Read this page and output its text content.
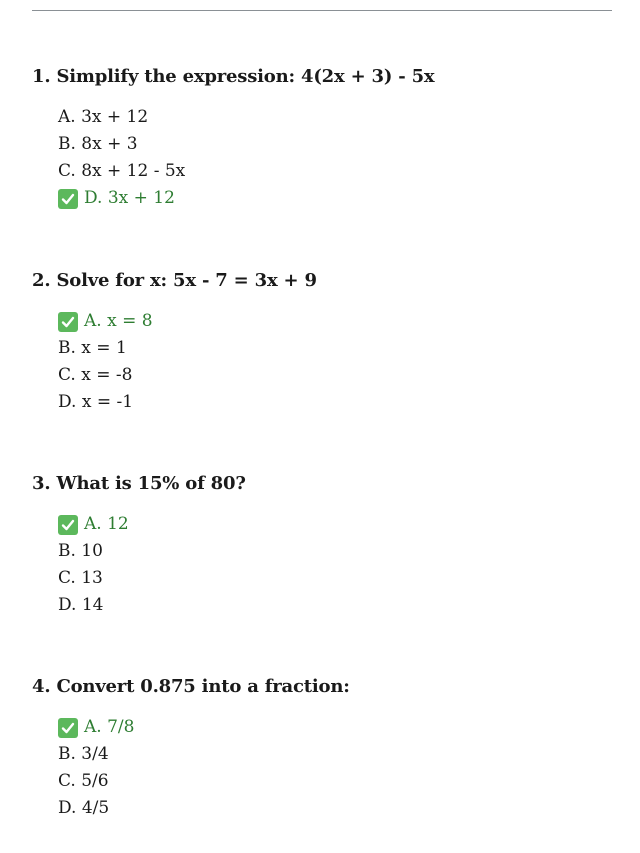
1. Simplify the expression: 4(2x + 3) - 5x

A. 3x + 12
B. 8x + 3
C. 8x + 12 - 5x
D. 3x + 12

2. Solve for x: 5x - 7 = 3x + 9

A. x = 8
B. x = 1
C. x = -8
D. x = -1

3. What is 15% of 80?

A. 12
B. 10
C. 13
D. 14

4. Convert 0.875 into a fraction:

A. 7/8
B. 3/4
C. 5/6
D. 4/5
